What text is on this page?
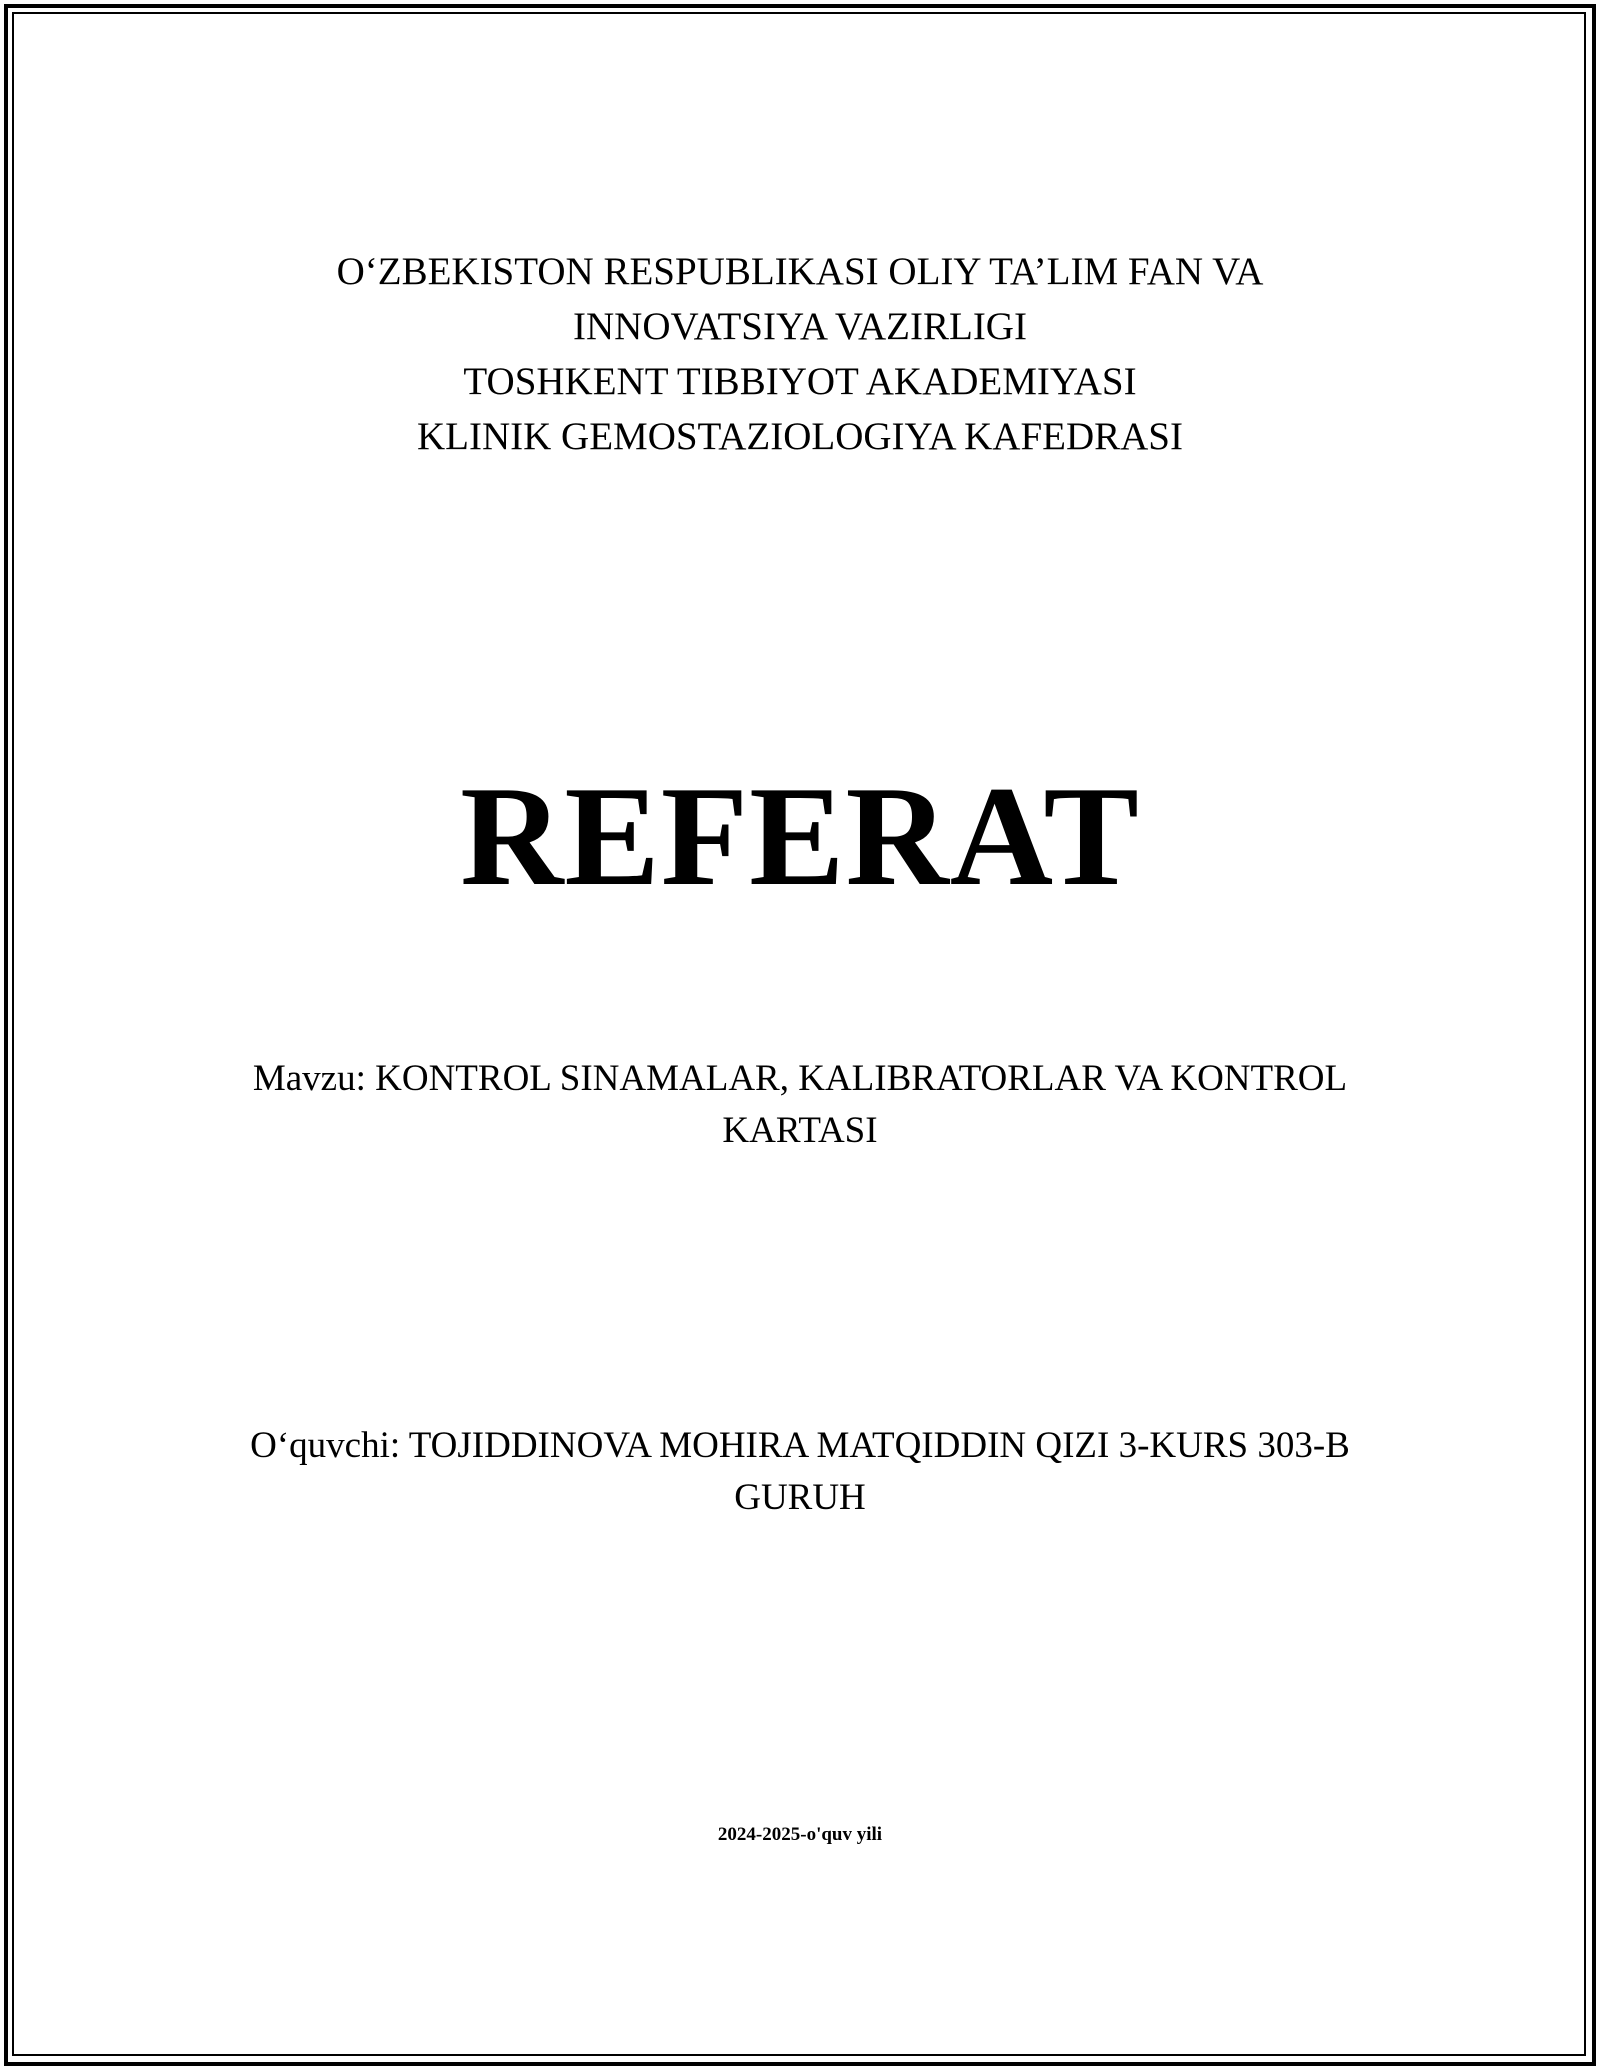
O‘ZBEKISTON RESPUBLIKASI OLIY TA’LIM FAN VA
INNOVATSIYA VAZIRLIGI
TOSHKENT TIBBIYOT AKADEMIYASI
KLINIK GEMOSTAZIOLOGIYA KAFEDRASI
REFERAT
Mavzu: KONTROL SINAMALAR, KALIBRATORLAR VA KONTROL
KARTASI
O‘quvchi: TOJIDDINOVA MOHIRA MATQIDDIN QIZI 3-KURS 303-B
GURUH
2024-2025-o'quv yili
